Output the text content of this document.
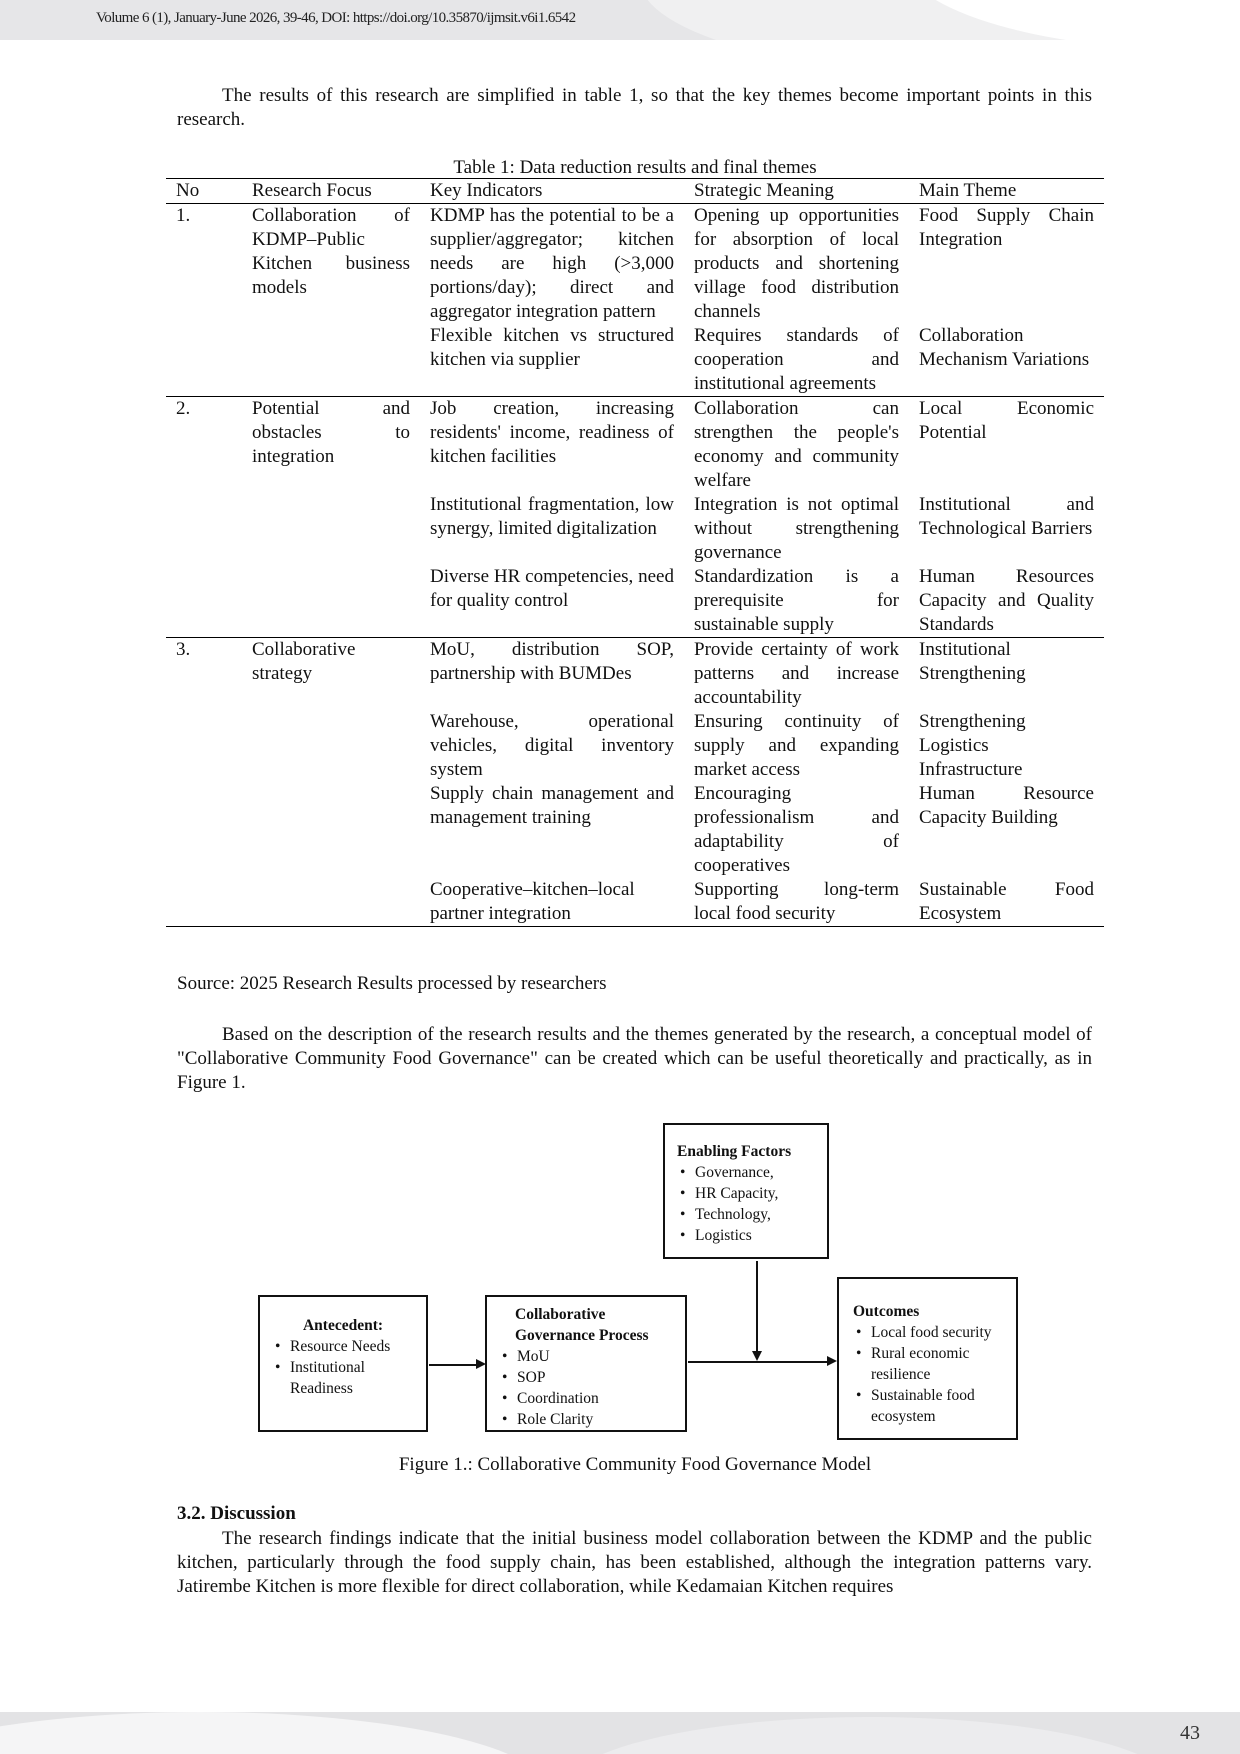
Volume 6 (1), January-June 2026, 39-46, DOI: https://doi.org/10.35870/ijmsit.v6i1.6542

The results of this research are simplified in table 1, so that the key themes become important points in this research.

Table 1: Data reduction results and final themes
No	Research Focus	Key Indicators	Strategic Meaning	Main Theme
1.	Collaboration of KDMP–Public Kitchen business models	KDMP has the potential to be a supplier/aggregator; kitchen needs are high (>3,000 portions/day); direct and aggregator integration pattern	Opening up opportunities for absorption of local products and shortening village food distribution channels	Food Supply Chain Integration
		Flexible kitchen vs structured kitchen via supplier	Requires standards of cooperation and institutional agreements	Collaboration Mechanism Variations
2.	Potential and obstacles to integration	Job creation, increasing residents' income, readiness of kitchen facilities	Collaboration can strengthen the people's economy and community welfare	Local Economic Potential
		Institutional fragmentation, low synergy, limited digitalization	Integration is not optimal without strengthening governance	Institutional and Technological Barriers
		Diverse HR competencies, need for quality control	Standardization is a prerequisite for sustainable supply	Human Resources Capacity and Quality Standards
3.	Collaborative strategy	MoU, distribution SOP, partnership with BUMDes	Provide certainty of work patterns and increase accountability	Institutional Strengthening
		Warehouse, operational vehicles, digital inventory system	Ensuring continuity of supply and expanding market access	Strengthening Logistics Infrastructure
		Supply chain management and management training	Encouraging professionalism and adaptability of cooperatives	Human Resource Capacity Building
		Cooperative–kitchen–local partner integration	Supporting long-term local food security	Sustainable Food Ecosystem
Source: 2025 Research Results processed by researchers

Based on the description of the research results and the themes generated by the research, a conceptual model of "Collaborative Community Food Governance" can be created which can be useful theoretically and practically, as in Figure 1.

Enabling Factors
• Governance,
• HR Capacity,
• Technology,
• Logistics
Antecedent:
• Resource Needs
• Institutional Readiness
Collaborative Governance Process
• MoU
• SOP
• Coordination
• Role Clarity
Outcomes
• Local food security
• Rural economic resilience
• Sustainable food ecosystem
Figure 1.: Collaborative Community Food Governance Model
3.2. Discussion

The research findings indicate that the initial business model collaboration between the KDMP and the public kitchen, particularly through the food supply chain, has been established, although the integration patterns vary. Jatirembe Kitchen is more flexible for direct collaboration, while Kedamaian Kitchen requires

43
